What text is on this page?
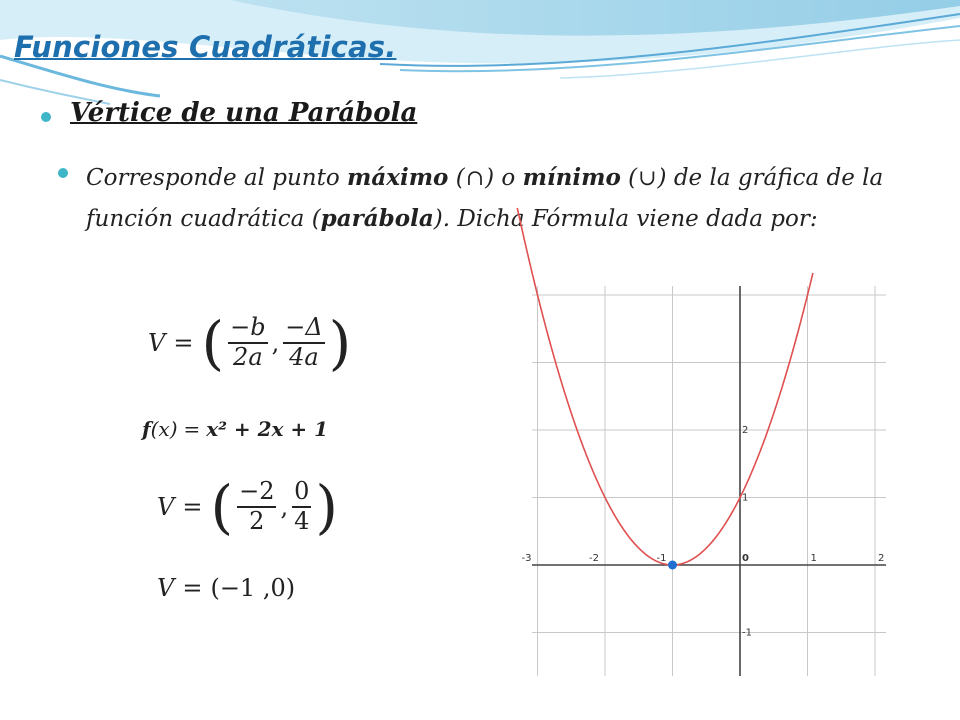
Funciones Cuadráticas.
Vértice de una Parábola
Corresponde al punto máximo (∩) o mínimo (∪) de la gráfica de la función cuadrática (parábola). Dicha Fórmula viene dada por:
V = ( $\frac{-b}{2a}$ , $\frac{-\Delta}{4a}$ )
f (x) = x² + 2x + 1
V = ( $\frac{-2}{2}$ , $\frac{0}{4}$ )
V = (−1 ,0)
-3	-2	-1	0	1	2
2
1
-1
